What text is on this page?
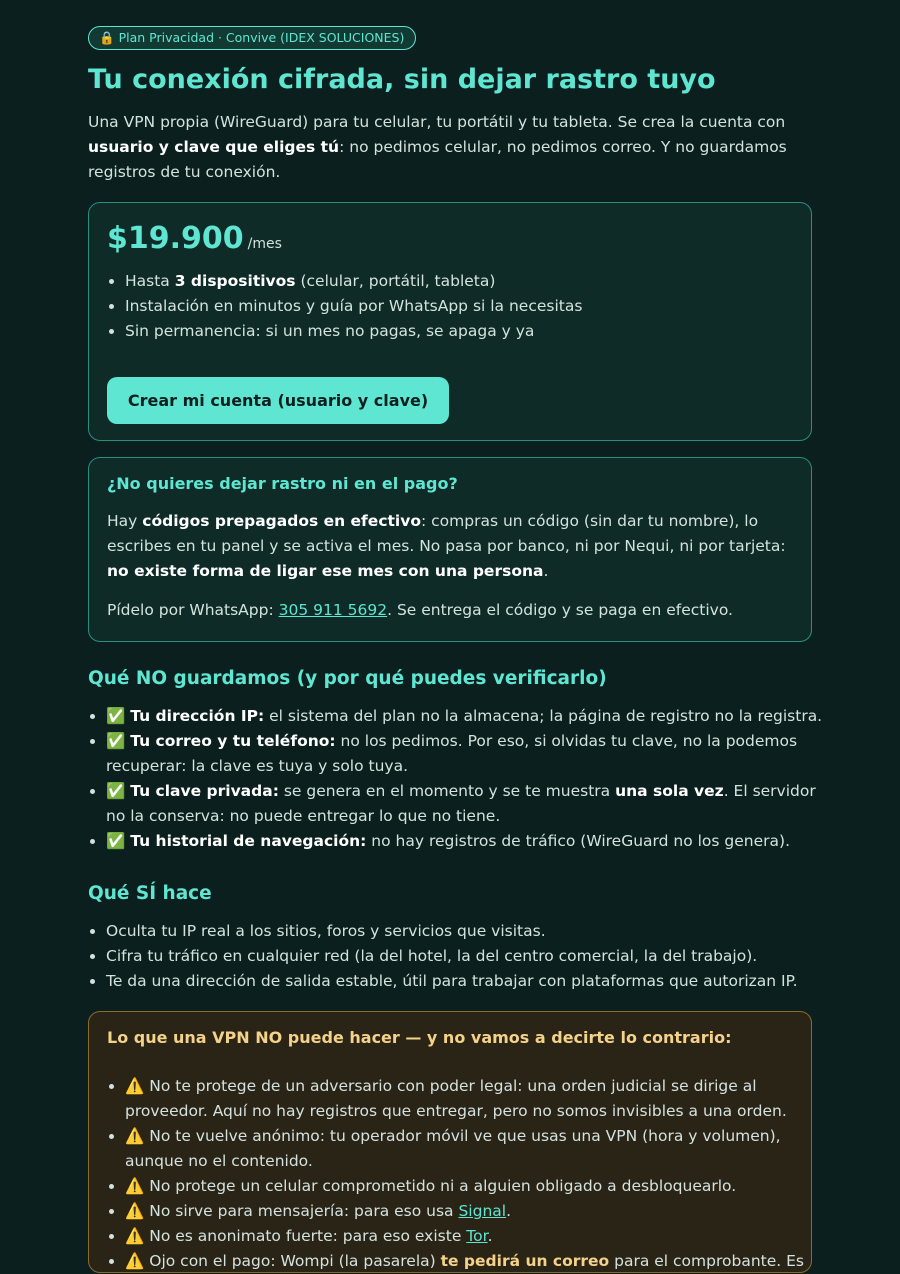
🔒 Plan Privacidad · Convive (IDEX SOLUCIONES)
Tu conexión cifrada, sin dejar rastro tuyo

Una VPN propia (WireGuard) para tu celular, tu portátil y tu tableta. Se crea la cuenta con usuario y clave que eliges tú: no pedimos celular, no pedimos correo. Y no guardamos registros de tu conexión.

$19.900 /mes
• Hasta 3 dispositivos (celular, portátil, tableta)
• Instalación en minutos y guía por WhatsApp si la necesitas
• Sin permanencia: si un mes no pagas, se apaga y ya
Crear mi cuenta (usuario y clave)
¿No quieres dejar rastro ni en el pago?

Hay códigos prepagados en efectivo: compras un código (sin dar tu nombre), lo escribes en tu panel y se activa el mes. No pasa por banco, ni por Nequi, ni por tarjeta: no existe forma de ligar ese mes con una persona.

Pídelo por WhatsApp: 305 911 5692. Se entrega el código y se paga en efectivo.

Qué NO guardamos (y por qué puedes verificarlo)
• ✅ Tu dirección IP: el sistema del plan no la almacena; la página de registro no la registra.
• ✅ Tu correo y tu teléfono: no los pedimos. Por eso, si olvidas tu clave, no la podemos recuperar: la clave es tuya y solo tuya.
• ✅ Tu clave privada: se genera en el momento y se te muestra una sola vez. El servidor no la conserva: no puede entregar lo que no tiene.
• ✅ Tu historial de navegación: no hay registros de tráfico (WireGuard no los genera).
Qué SÍ hace
• Oculta tu IP real a los sitios, foros y servicios que visitas.
• Cifra tu tráfico en cualquier red (la del hotel, la del centro comercial, la del trabajo).
• Te da una dirección de salida estable, útil para trabajar con plataformas que autorizan IP.
Lo que una VPN NO puede hacer — y no vamos a decirte lo contrario:
• ⚠️ No te protege de un adversario con poder legal: una orden judicial se dirige al proveedor. Aquí no hay registros que entregar, pero no somos invisibles a una orden.
• ⚠️ No te vuelve anónimo: tu operador móvil ve que usas una VPN (hora y volumen), aunque no el contenido.
• ⚠️ No protege un celular comprometido ni a alguien obligado a desbloquearlo.
• ⚠️ No sirve para mensajería: para eso usa Signal.
• ⚠️ No es anonimato fuerte: para eso existe Tor.
• ⚠️ Ojo con el pago: Wompi (la pasarela) te pedirá un correo para el comprobante. Es
